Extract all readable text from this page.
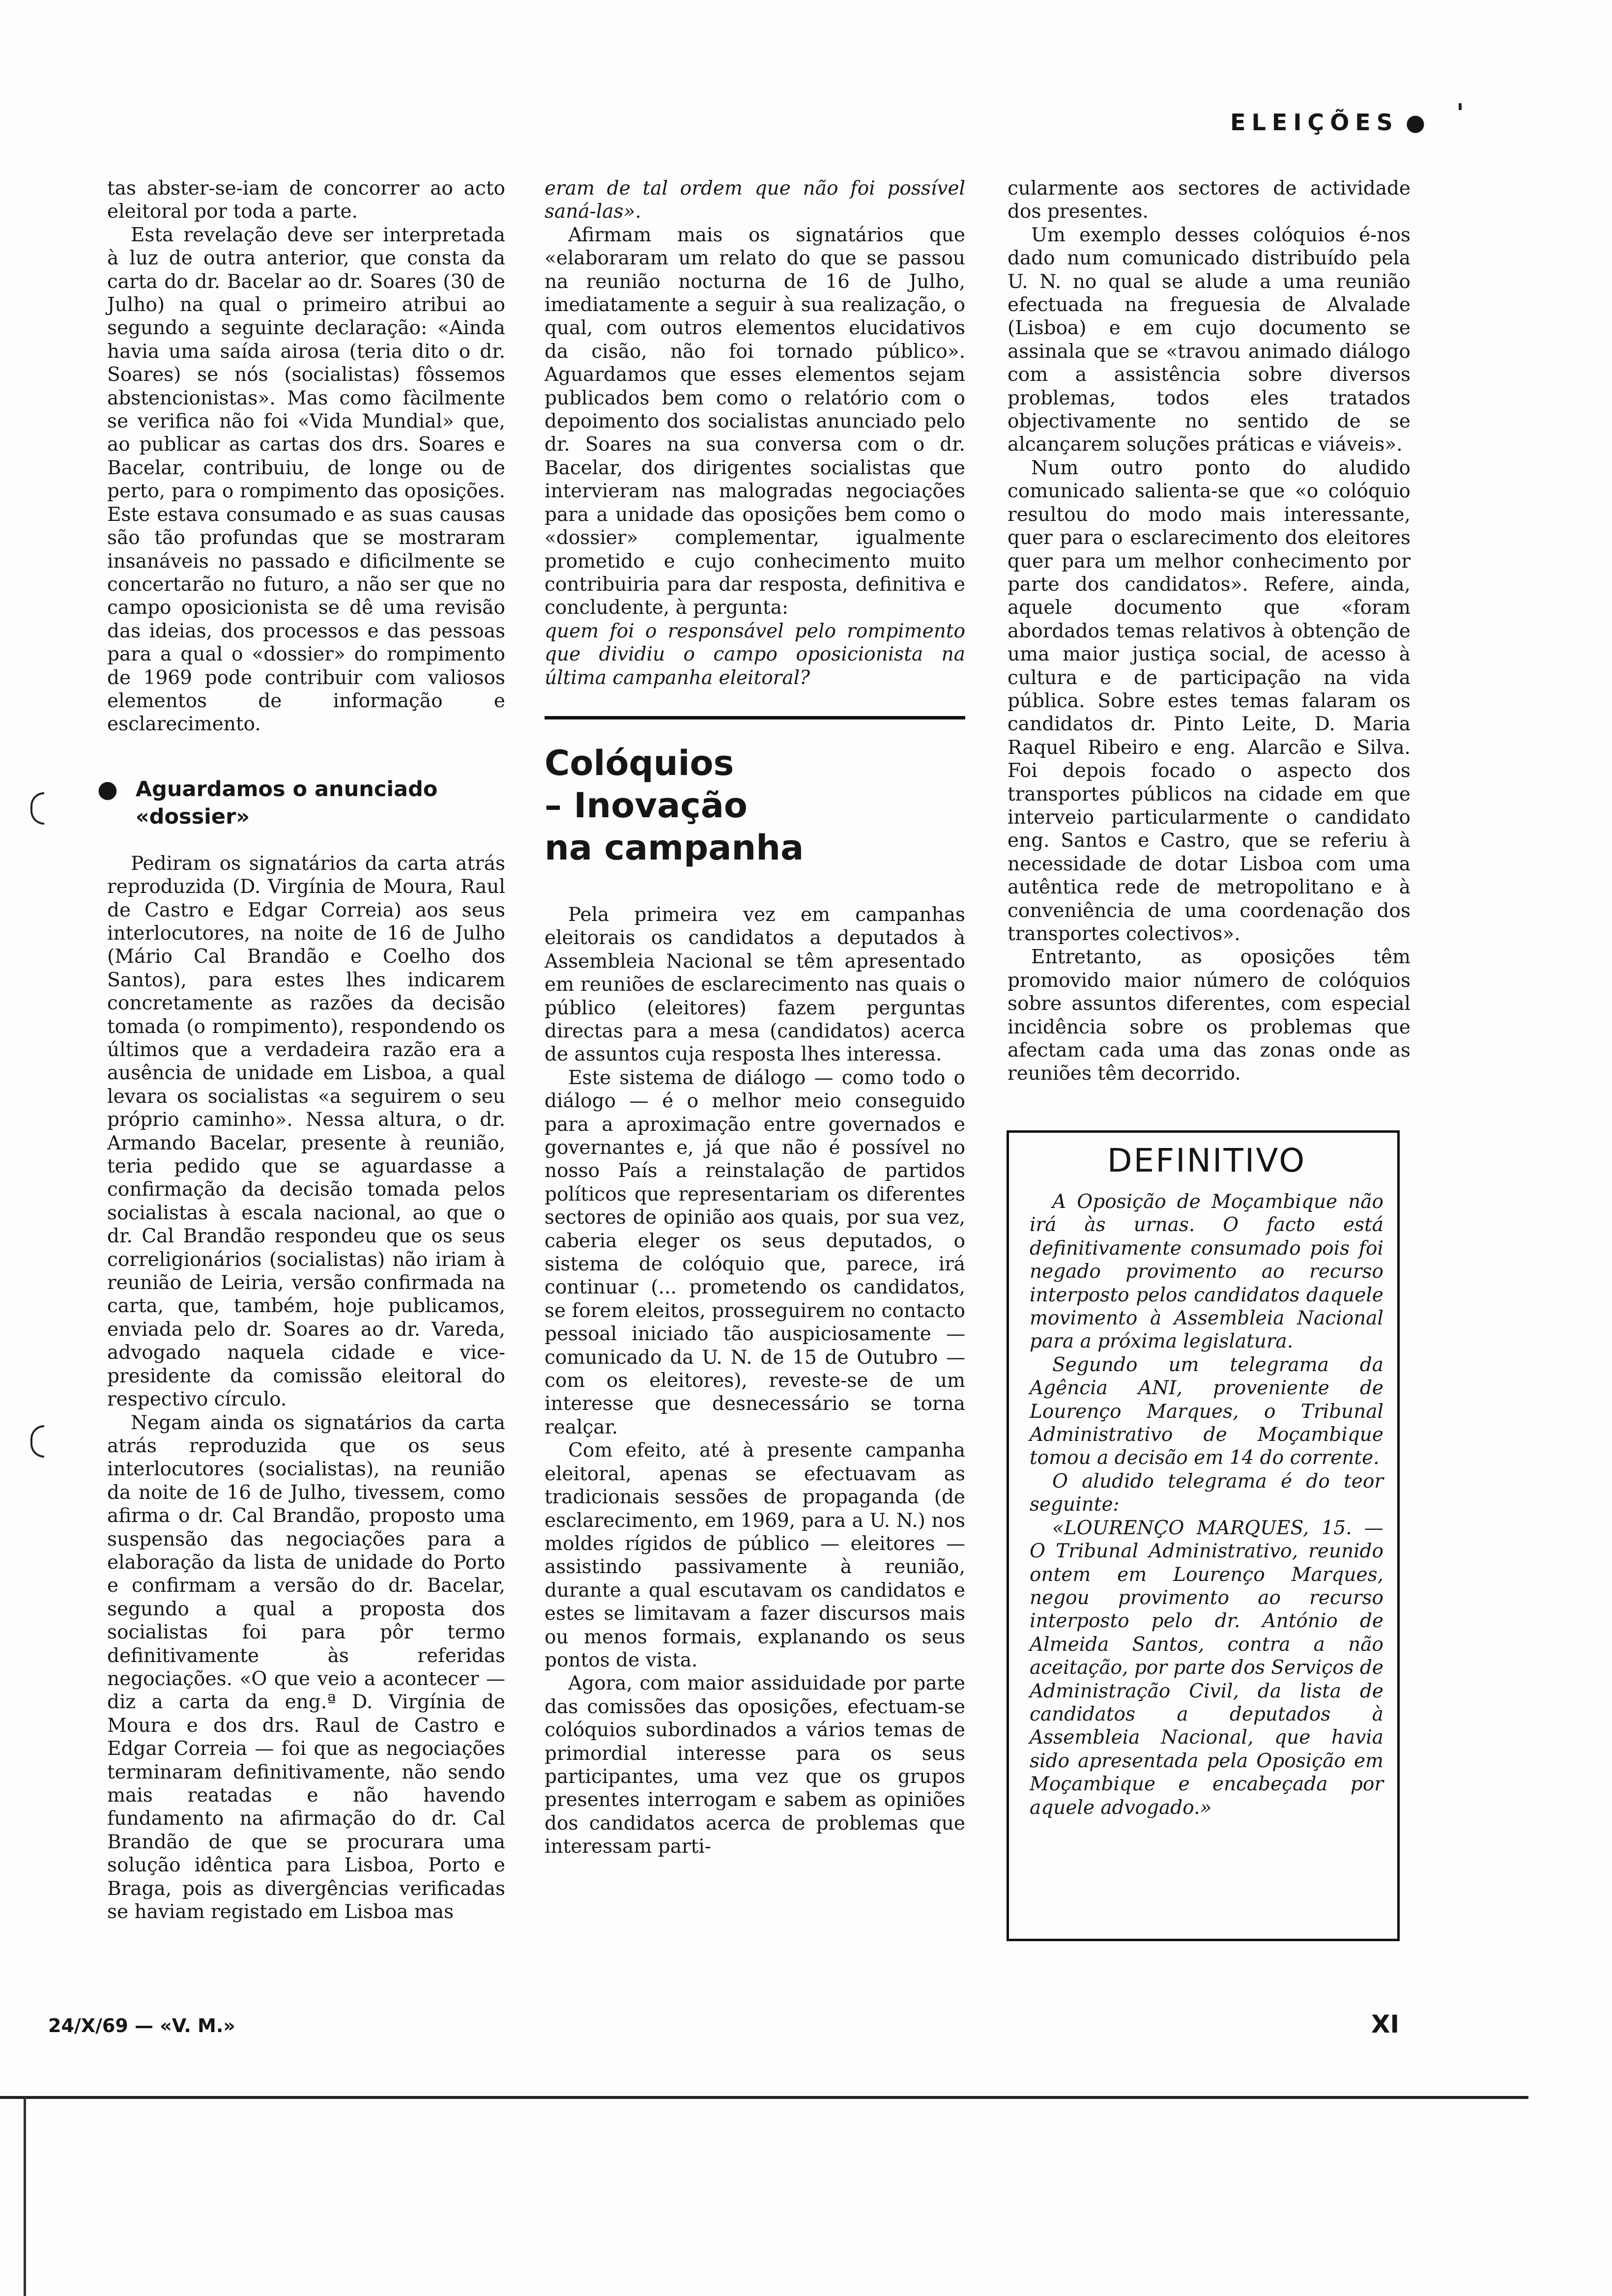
ELEIÇÕES ●

tas abster-se-iam de concorrer ao acto eleitoral por toda a parte.

Esta revelação deve ser interpretada à luz de outra anterior, que consta da carta do dr. Bacelar ao dr. Soares (30 de Julho) na qual o primeiro atribui ao segundo a seguinte declaração: «Ainda havia uma saída airosa (teria dito o dr. Soares) se nós (socialistas) fôssemos abstencionistas». Mas como fàcilmente se verifica não foi «Vida Mundial» que, ao publicar as cartas dos drs. Soares e Bacelar, contribuiu, de longe ou de perto, para o rompimento das oposições. Este estava consumado e as suas causas são tão profundas que se mostraram insanáveis no passado e dificilmente se concertarão no futuro, a não ser que no campo oposicionista se dê uma revisão das ideias, dos processos e das pessoas para a qual o «dossier» do rompimento de 1969 pode contribuir com valiosos elementos de informação e esclarecimento.

● Aguardamos o anunciado «dossier»

Pediram os signatários da carta atrás reproduzida (D. Virgínia de Moura, Raul de Castro e Edgar Correia) aos seus interlocutores, na noite de 16 de Julho (Mário Cal Brandão e Coelho dos Santos), para estes lhes indicarem concretamente as razões da decisão tomada (o rompimento), respondendo os últimos que a verdadeira razão era a ausência de unidade em Lisboa, a qual levara os socialistas «a seguirem o seu próprio caminho». Nessa altura, o dr. Armando Bacelar, presente à reunião, teria pedido que se aguardasse a confirmação da decisão tomada pelos socialistas à escala nacional, ao que o dr. Cal Brandão respondeu que os seus correligionários (socialistas) não iriam à reunião de Leiria, versão confirmada na carta, que, também, hoje publicamos, enviada pelo dr. Soares ao dr. Vareda, advogado naquela cidade e vice-presidente da comissão eleitoral do respectivo círculo.

Negam ainda os signatários da carta atrás reproduzida que os seus interlocutores (socialistas), na reunião da noite de 16 de Julho, tivessem, como afirma o dr. Cal Brandão, proposto uma suspensão das negociações para a elaboração da lista de unidade do Porto e confirmam a versão do dr. Bacelar, segundo a qual a proposta dos socialistas foi para pôr termo definitivamente às referidas negociações. «O que veio a acontecer — diz a carta da eng.ª D. Virgínia de Moura e dos drs. Raul de Castro e Edgar Correia — foi que as negociações terminaram definitivamente, não sendo mais reatadas e não havendo fundamento na afirmação do dr. Cal Brandão de que se procurara uma solução idêntica para Lisboa, Porto e Braga, pois as divergências verificadas se haviam registado em Lisboa mas

eram de tal ordem que não foi possível saná-las».

Afirmam mais os signatários que «elaboraram um relato do que se passou na reunião nocturna de 16 de Julho, imediatamente a seguir à sua realização, o qual, com outros elementos elucidativos da cisão, não foi tornado público». Aguardamos que esses elementos sejam publicados bem como o relatório com o depoimento dos socialistas anunciado pelo dr. Soares na sua conversa com o dr. Bacelar, dos dirigentes socialistas que intervieram nas malogradas negociações para a unidade das oposições bem como o «dossier» complementar, igualmente prometido e cujo conhecimento muito contribuiria para dar resposta, definitiva e concludente, à pergunta:

quem foi o responsável pelo rompimento que dividiu o campo oposicionista na última campanha eleitoral?

Colóquios
– Inovação
na campanha

Pela primeira vez em campanhas eleitorais os candidatos a deputados à Assembleia Nacional se têm apresentado em reuniões de esclarecimento nas quais o público (eleitores) fazem perguntas directas para a mesa (candidatos) acerca de assuntos cuja resposta lhes interessa.

Este sistema de diálogo — como todo o diálogo — é o melhor meio conseguido para a aproximação entre governados e governantes e, já que não é possível no nosso País a reinstalação de partidos políticos que representariam os diferentes sectores de opinião aos quais, por sua vez, caberia eleger os seus deputados, o sistema de colóquio que, parece, irá continuar (... prometendo os candidatos, se forem eleitos, prosseguirem no contacto pessoal iniciado tão auspiciosamente — comunicado da U. N. de 15 de Outubro — com os eleitores), reveste-se de um interesse que desnecessário se torna realçar.

Com efeito, até à presente campanha eleitoral, apenas se efectuavam as tradicionais sessões de propaganda (de esclarecimento, em 1969, para a U. N.) nos moldes rígidos de público — eleitores — assistindo passivamente à reunião, durante a qual escutavam os candidatos e estes se limitavam a fazer discursos mais ou menos formais, explanando os seus pontos de vista.

Agora, com maior assiduidade por parte das comissões das oposições, efectuam-se colóquios subordinados a vários temas de primordial interesse para os seus participantes, uma vez que os grupos presentes interrogam e sabem as opiniões dos candidatos acerca de problemas que interessam parti-

cularmente aos sectores de actividade dos presentes.

Um exemplo desses colóquios é-nos dado num comunicado distribuído pela U. N. no qual se alude a uma reunião efectuada na freguesia de Alvalade (Lisboa) e em cujo documento se assinala que se «travou animado diálogo com a assistência sobre diversos problemas, todos eles tratados objectivamente no sentido de se alcançarem soluções práticas e viáveis».

Num outro ponto do aludido comunicado salienta-se que «o colóquio resultou do modo mais interessante, quer para o esclarecimento dos eleitores quer para um melhor conhecimento por parte dos candidatos». Refere, ainda, aquele documento que «foram abordados temas relativos à obtenção de uma maior justiça social, de acesso à cultura e de participação na vida pública. Sobre estes temas falaram os candidatos dr. Pinto Leite, D. Maria Raquel Ribeiro e eng. Alarcão e Silva. Foi depois focado o aspecto dos transportes públicos na cidade em que interveio particularmente o candidato eng. Santos e Castro, que se referiu à necessidade de dotar Lisboa com uma autêntica rede de metropolitano e à conveniência de uma coordenação dos transportes colectivos».

Entretanto, as oposições têm promovido maior número de colóquios sobre assuntos diferentes, com especial incidência sobre os problemas que afectam cada uma das zonas onde as reuniões têm decorrido.

DEFINITIVO

A Oposição de Moçambique não irá às urnas. O facto está definitivamente consumado pois foi negado provimento ao recurso interposto pelos candidatos daquele movimento à Assembleia Nacional para a próxima legislatura.

Segundo um telegrama da Agência ANI, proveniente de Lourenço Marques, o Tribunal Administrativo de Moçambique tomou a decisão em 14 do corrente.

O aludido telegrama é do teor seguinte:

«LOURENÇO MARQUES, 15. — O Tribunal Administrativo, reunido ontem em Lourenço Marques, negou provimento ao recurso interposto pelo dr. António de Almeida Santos, contra a não aceitação, por parte dos Serviços de Administração Civil, da lista de candidatos a deputados à Assembleia Nacional, que havia sido apresentada pela Oposição em Moçambique e encabeçada por aquele advogado.»

24/X/69 — «V. M.»	XI
